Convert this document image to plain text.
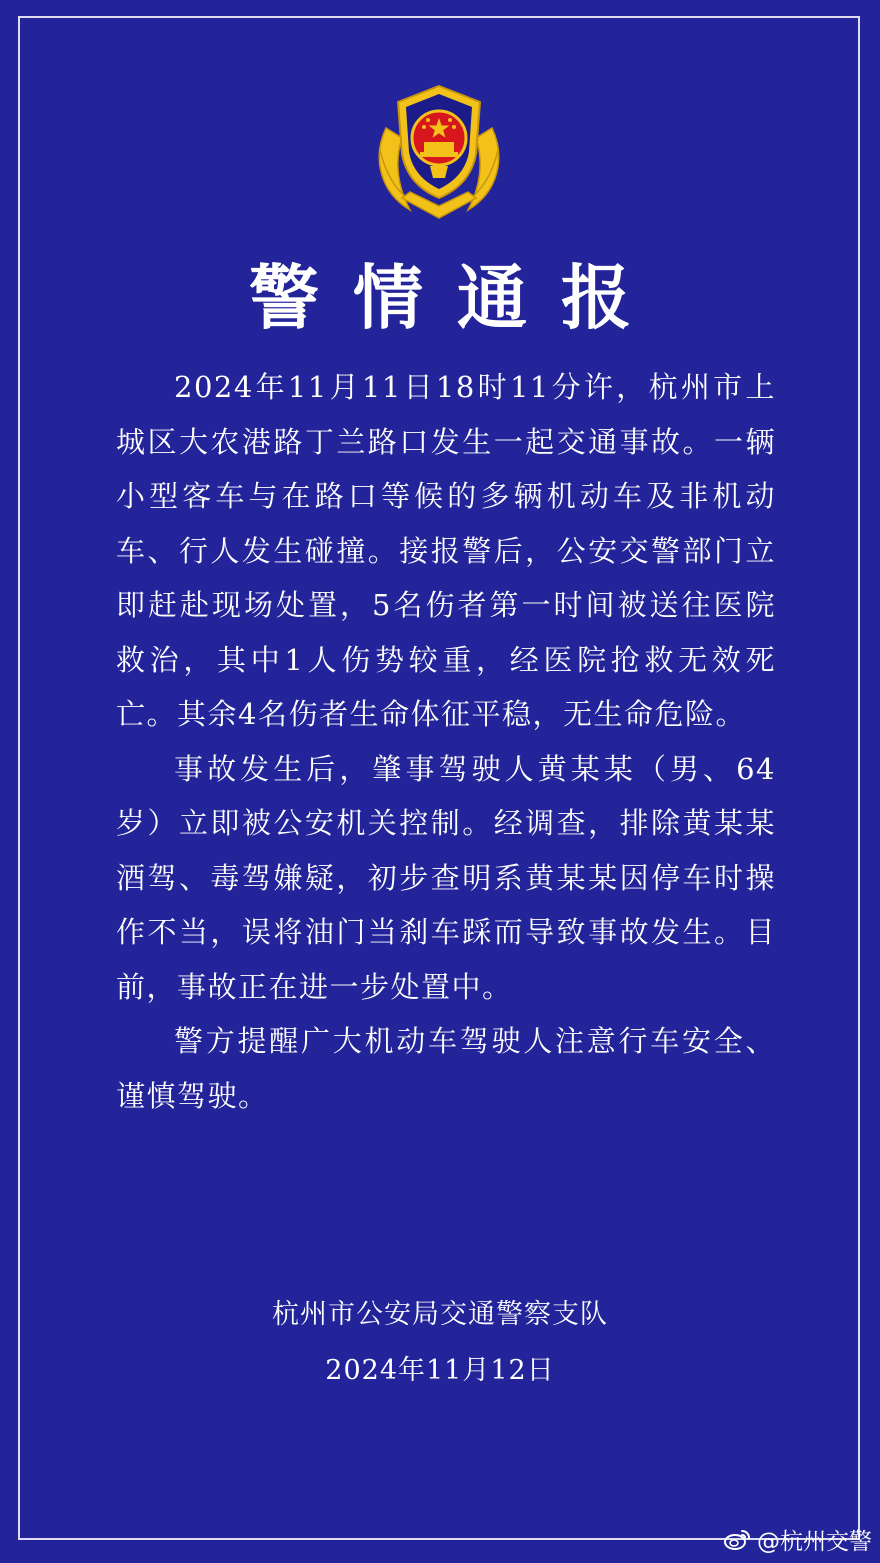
警情通报

2024年11月11日18时11分许，杭州市上城区大农港路丁兰路口发生一起交通事故。一辆小型客车与在路口等候的多辆机动车及非机动车、行人发生碰撞。接报警后，公安交警部门立即赶赴现场处置，5名伤者第一时间被送往医院救治，其中1人伤势较重，经医院抢救无效死亡。其余4名伤者生命体征平稳，无生命危险。

事故发生后，肇事驾驶人黄某某（男、64岁）立即被公安机关控制。经调查，排除黄某某酒驾、毒驾嫌疑，初步查明系黄某某因停车时操作不当，误将油门当刹车踩而导致事故发生。目前，事故正在进一步处置中。

警方提醒广大机动车驾驶人注意行车安全、谨慎驾驶。

杭州市公安局交通警察支队
2024年11月12日
@杭州交警
